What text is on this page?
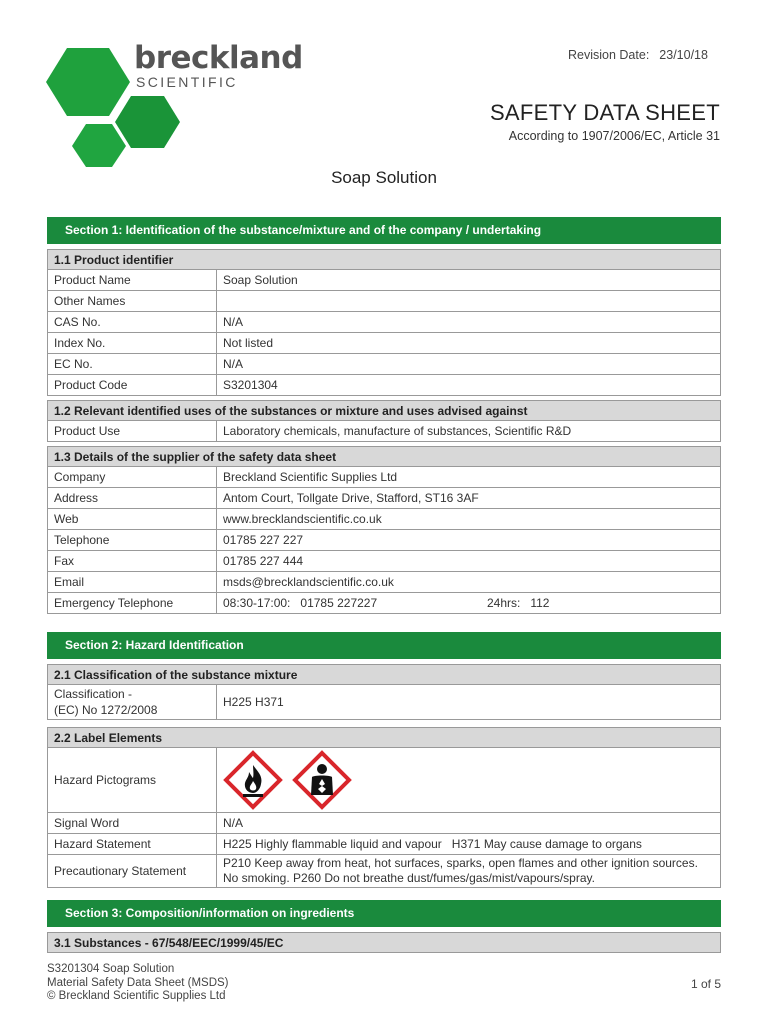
breckland
SCIENTIFIC
Revision Date: 23/10/18
SAFETY DATA SHEET
According to 1907/2006/EC, Article 31
Soap Solution
Section 1: Identification of the substance/mixture and of the company / undertaking
1.1 Product identifier	
Product Name	Soap Solution
Other Names	
CAS No.	N/A
Index No.	Not listed
EC No.	N/A
Product Code	S3201304
1.2 Relevant identified uses of the substances or mixture and uses advised against
Product Use	Laboratory chemicals, manufacture of substances, Scientific R&D
1.3 Details of the supplier of the safety data sheet	
Company	Breckland Scientific Supplies Ltd
Address	Antom Court, Tollgate Drive, Stafford, ST16 3AF
Web	www.brecklandscientific.co.uk
Telephone	01785 227 227
Fax	01785 227 444
Email	msds@brecklandscientific.co.uk
Emergency Telephone	08:30-17:00:   01785 227227 24hrs:   112
Section 2: Hazard Identification
2.1 Classification of the substance mixture
Classification -
(EC) No 1272/2008	H225 H371
2.2 Label Elements	
Hazard Pictograms	
Signal Word	N/A
Hazard Statement	H225 Highly flammable liquid and vapour   H371 May cause damage to organs
Precautionary Statement	P210 Keep away from heat, hot surfaces, sparks, open flames and other ignition sources. No smoking. P260 Do not breathe dust/fumes/gas/mist/vapours/spray.
Section 3: Composition/information on ingredients
3.1 Substances - 67/548/EEC/1999/45/EC
S3201304 Soap Solution
Material Safety Data Sheet (MSDS)
© Breckland Scientific Supplies Ltd
1 of 5
